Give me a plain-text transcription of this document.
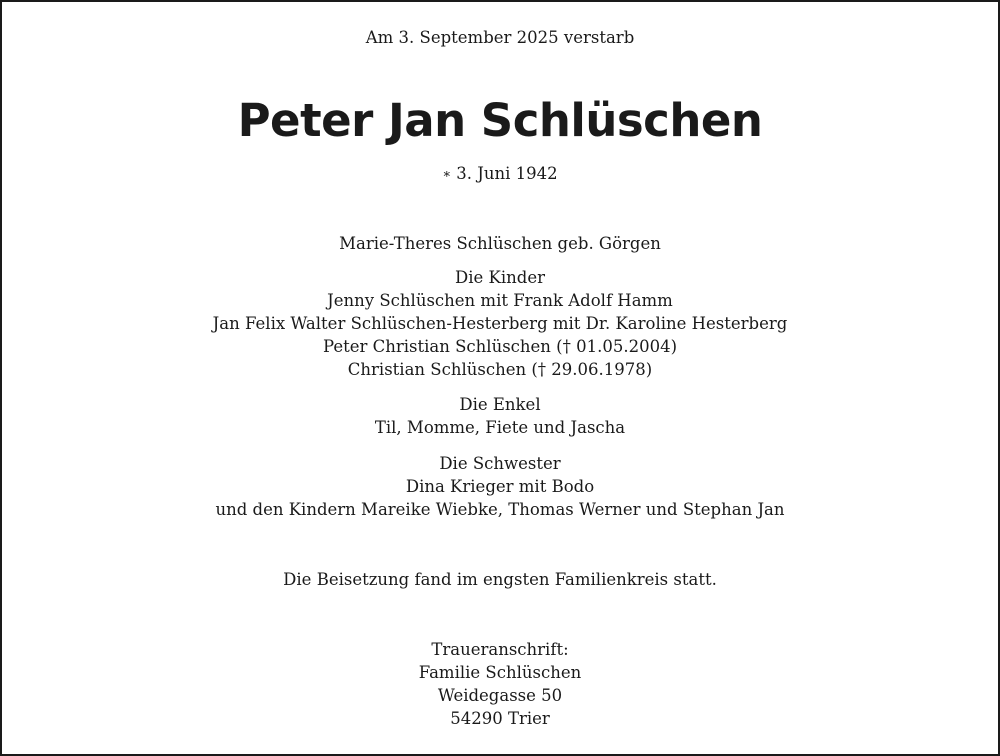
Am 3. September 2025 verstarb

Peter Jan Schlüschen

∗ 3. Juni 1942

Marie-Theres Schlüschen geb. Görgen

Die Kinder
Jenny Schlüschen mit Frank Adolf Hamm
Jan Felix Walter Schlüschen-Hesterberg mit Dr. Karoline Hesterberg
Peter Christian Schlüschen († 01.05.2004)
Christian Schlüschen († 29.06.1978)
Die Enkel
Til, Momme, Fiete und Jascha
Die Schwester
Dina Krieger mit Bodo
und den Kindern Mareike Wiebke, Thomas Werner und Stephan Jan

Die Beisetzung fand im engsten Familienkreis statt.

Traueranschrift:
Familie Schlüschen
Weidegasse 50
54290 Trier
